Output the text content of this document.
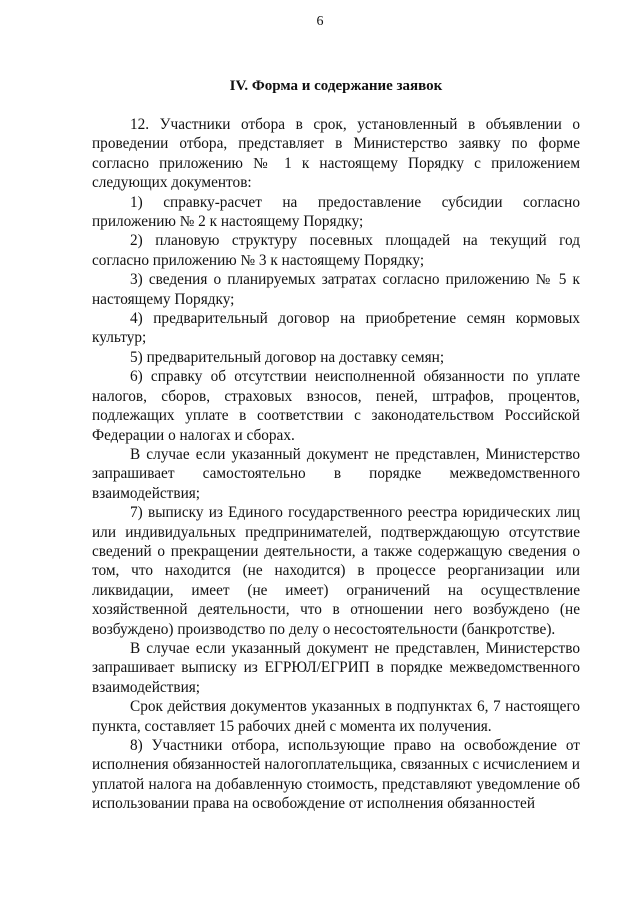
6
IV. Форма и содержание заявок

12. Участники отбора в срок, установленный в объявлении о проведении отбора, представляет в Министерство заявку по форме согласно приложению № 1 к настоящему Порядку с приложением следующих документов:

1) справку-расчет на предоставление субсидии согласно приложению № 2 к настоящему Порядку;

2) плановую структуру посевных площадей на текущий год согласно приложению № 3 к настоящему Порядку;

3) сведения о планируемых затратах согласно приложению № 5 к настоящему Порядку;

4) предварительный договор на приобретение семян кормовых культур;

5) предварительный договор на доставку семян;

6) справку об отсутствии неисполненной обязанности по уплате налогов, сборов, страховых взносов, пеней, штрафов, процентов, подлежащих уплате в соответствии с законодательством Российской Федерации о налогах и сборах.

В случае если указанный документ не представлен, Министерство запрашивает самостоятельно в порядке межведомственного взаимодействия;

7) выписку из Единого государственного реестра юридических лиц или индивидуальных предпринимателей, подтверждающую отсутствие сведений о прекращении деятельности, а также содержащую сведения о том, что находится (не находится) в процессе реорганизации или ликвидации, имеет (не имеет) ограничений на осуществление хозяйственной деятельности, что в отношении него возбуждено (не возбуждено) производство по делу о несостоятельности (банкротстве).

В случае если указанный документ не представлен, Министерство запрашивает выписку из ЕГРЮЛ/ЕГРИП в порядке межведомственного взаимодействия;

Срок действия документов указанных в подпунктах 6, 7 настоящего пункта, составляет 15 рабочих дней с момента их получения.

8) Участники отбора, использующие право на освобождение от исполнения обязанностей налогоплательщика, связанных с исчислением и уплатой налога на добавленную стоимость, представляют уведомление об использовании права на освобождение от исполнения обязанностей
